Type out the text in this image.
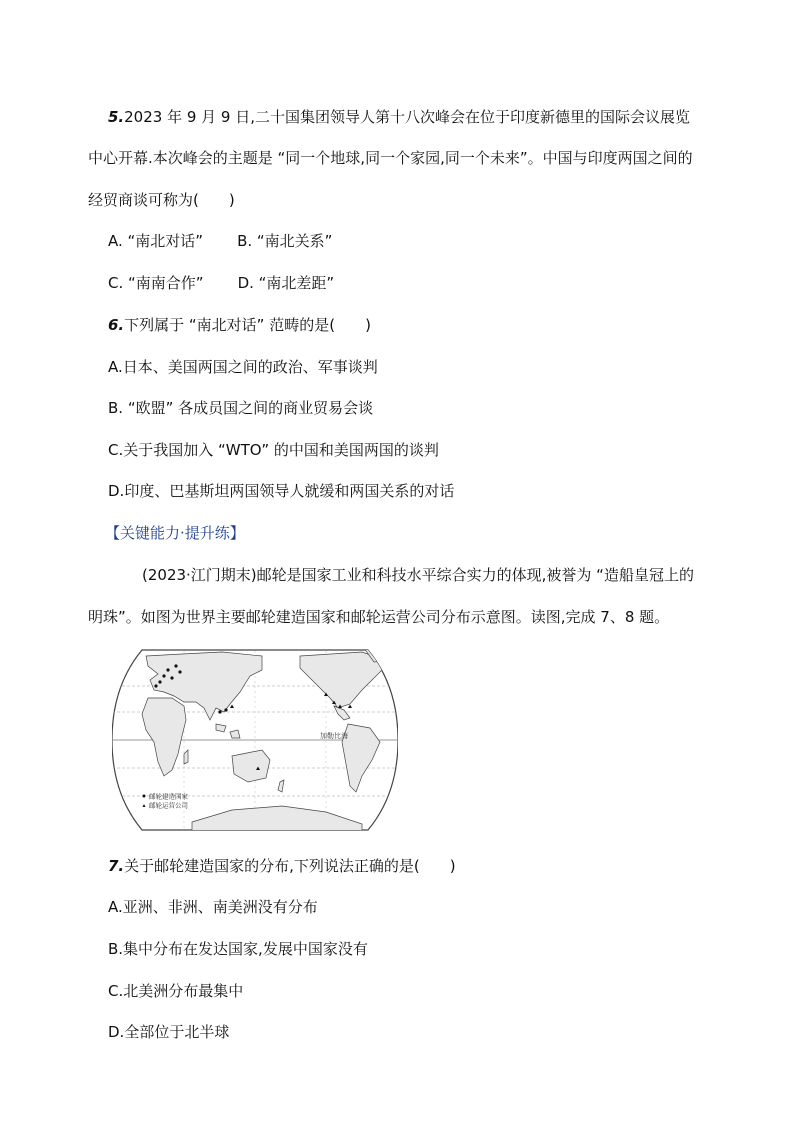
5.2023 年 9 月 9 日,二十国集团领导人第十八次峰会在位于印度新德里的国际会议展览
中心开幕.本次峰会的主题是 “同一个地球,同一个家园,同一个未来”。中国与印度两国之间的
经贸商谈可称为(　　)
A. “南北对话” B. “南北关系”
C. “南南合作” D. “南北差距”
6.下列属于 “南北对话” 范畴的是(　　)
A.日本、美国两国之间的政治、军事谈判
B. “欧盟” 各成员国之间的商业贸易会谈
C.关于我国加入 “WTO” 的中国和美国两国的谈判
D.印度、巴基斯坦两国领导人就缓和两国关系的对话
【关键能力·提升练】
(2023·江门期末)邮轮是国家工业和科技水平综合实力的体现,被誉为 “造船皇冠上的
明珠”。如图为世界主要邮轮建造国家和邮轮运营公司分布示意图。读图,完成 7、8 题。
加勒比海
邮轮建造国家
邮轮运营公司
7.关于邮轮建造国家的分布,下列说法正确的是(　　)
A.亚洲、非洲、南美洲没有分布
B.集中分布在发达国家,发展中国家没有
C.北美洲分布最集中
D.全部位于北半球
